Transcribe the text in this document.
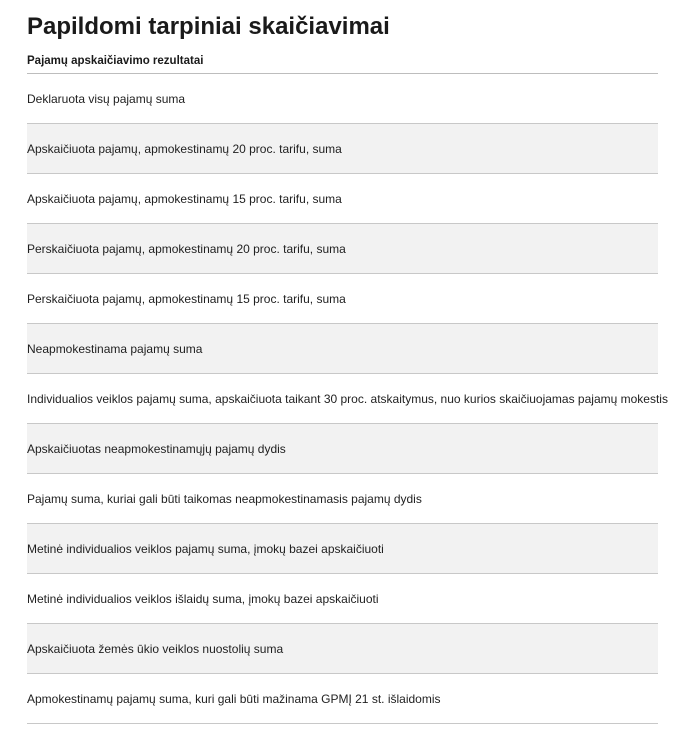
Papildomi tarpiniai skaičiavimai
Pajamų apskaičiavimo rezultatai
Deklaruota visų pajamų suma
Apskaičiuota pajamų, apmokestinamų 20 proc. tarifu, suma
Apskaičiuota pajamų, apmokestinamų 15 proc. tarifu, suma
Perskaičiuota pajamų, apmokestinamų 20 proc. tarifu, suma
Perskaičiuota pajamų, apmokestinamų 15 proc. tarifu, suma
Neapmokestinama pajamų suma
Individualios veiklos pajamų suma, apskaičiuota taikant 30 proc. atskaitymus, nuo kurios skaičiuojamas pajamų mokestis
Apskaičiuotas neapmokestinamųjų pajamų dydis
Pajamų suma, kuriai gali būti taikomas neapmokestinamasis pajamų dydis
Metinė individualios veiklos pajamų suma, įmokų bazei apskaičiuoti
Metinė individualios veiklos išlaidų suma, įmokų bazei apskaičiuoti
Apskaičiuota žemės ūkio veiklos nuostolių suma
Apmokestinamų pajamų suma, kuri gali būti mažinama GPMĮ 21 st. išlaidomis
